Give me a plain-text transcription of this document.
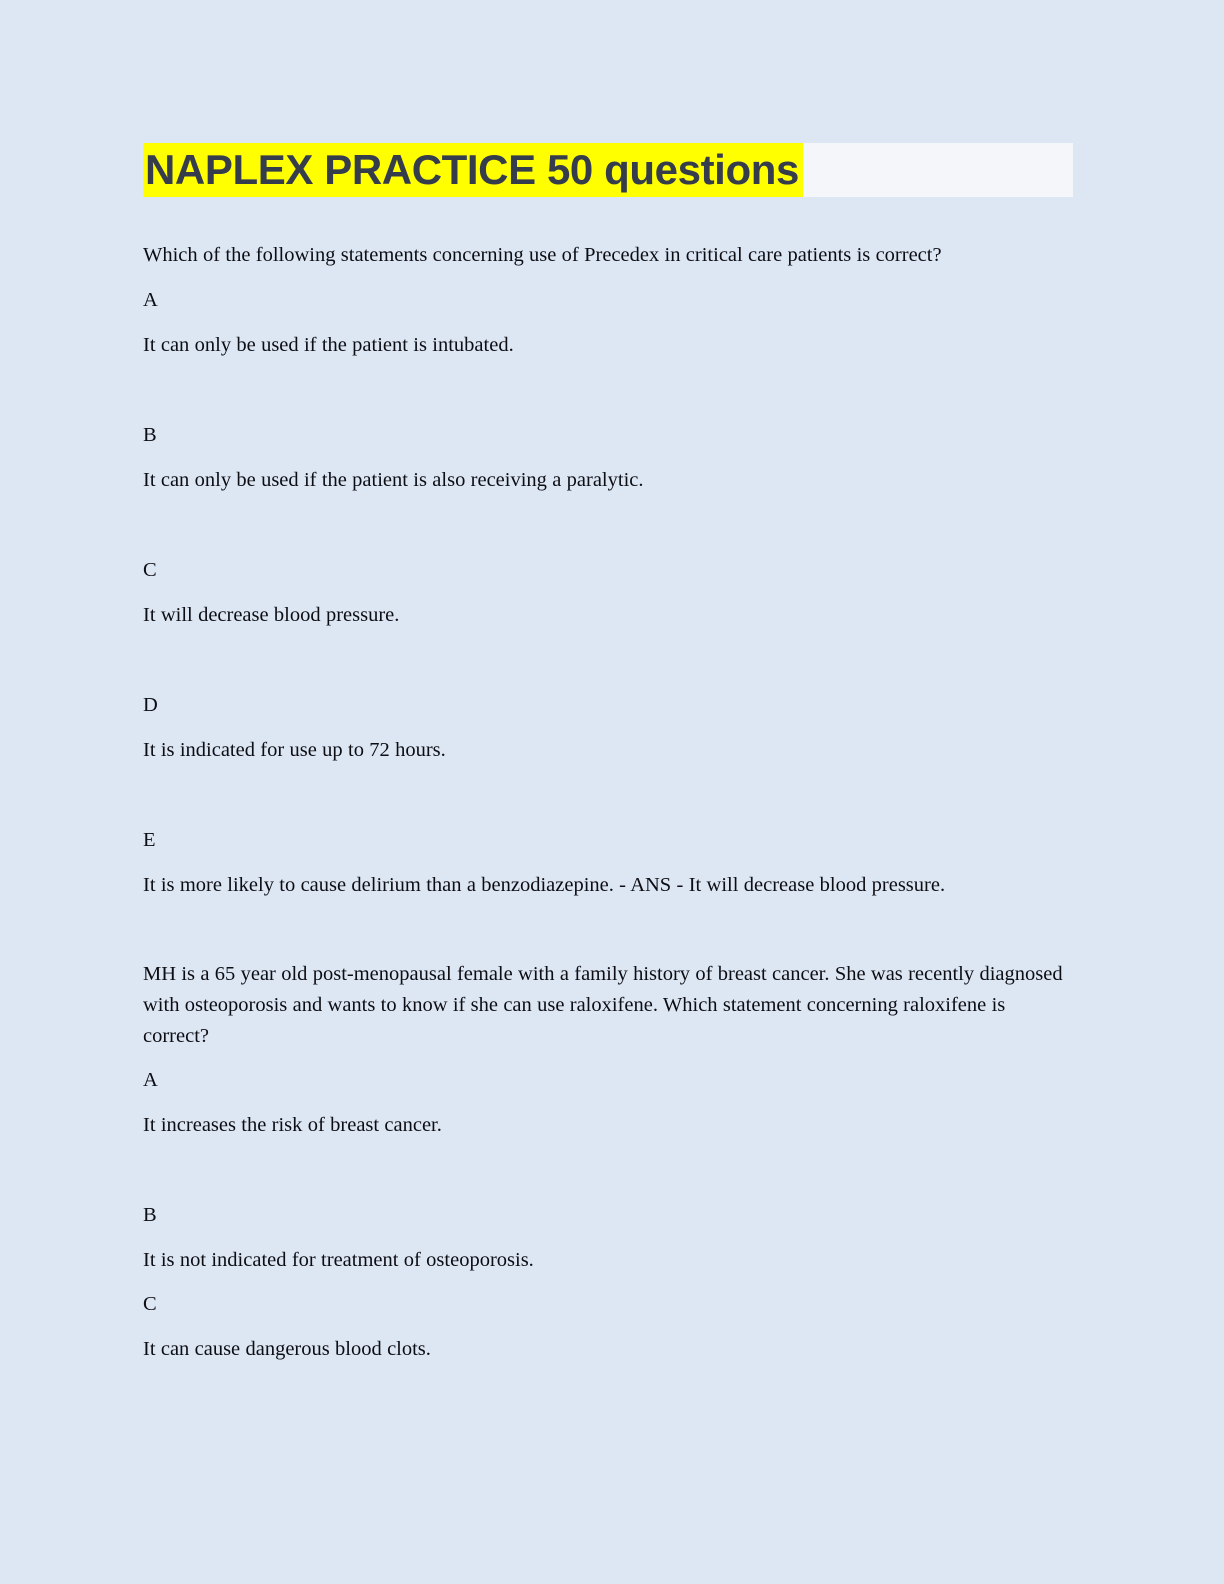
NAPLEX PRACTICE 50 questions

Which of the following statements concerning use of Precedex in critical care patients is correct?

A

It can only be used if the patient is intubated.

B

It can only be used if the patient is also receiving a paralytic.

C

It will decrease blood pressure.

D

It is indicated for use up to 72 hours.

E

It is more likely to cause delirium than a benzodiazepine. - ANS - It will decrease blood pressure.

MH is a 65 year old post-menopausal female with a family history of breast cancer. She was recently diagnosed with osteoporosis and wants to know if she can use raloxifene. Which statement concerning raloxifene is correct?

A

It increases the risk of breast cancer.

B

It is not indicated for treatment of osteoporosis.

C

It can cause dangerous blood clots.
